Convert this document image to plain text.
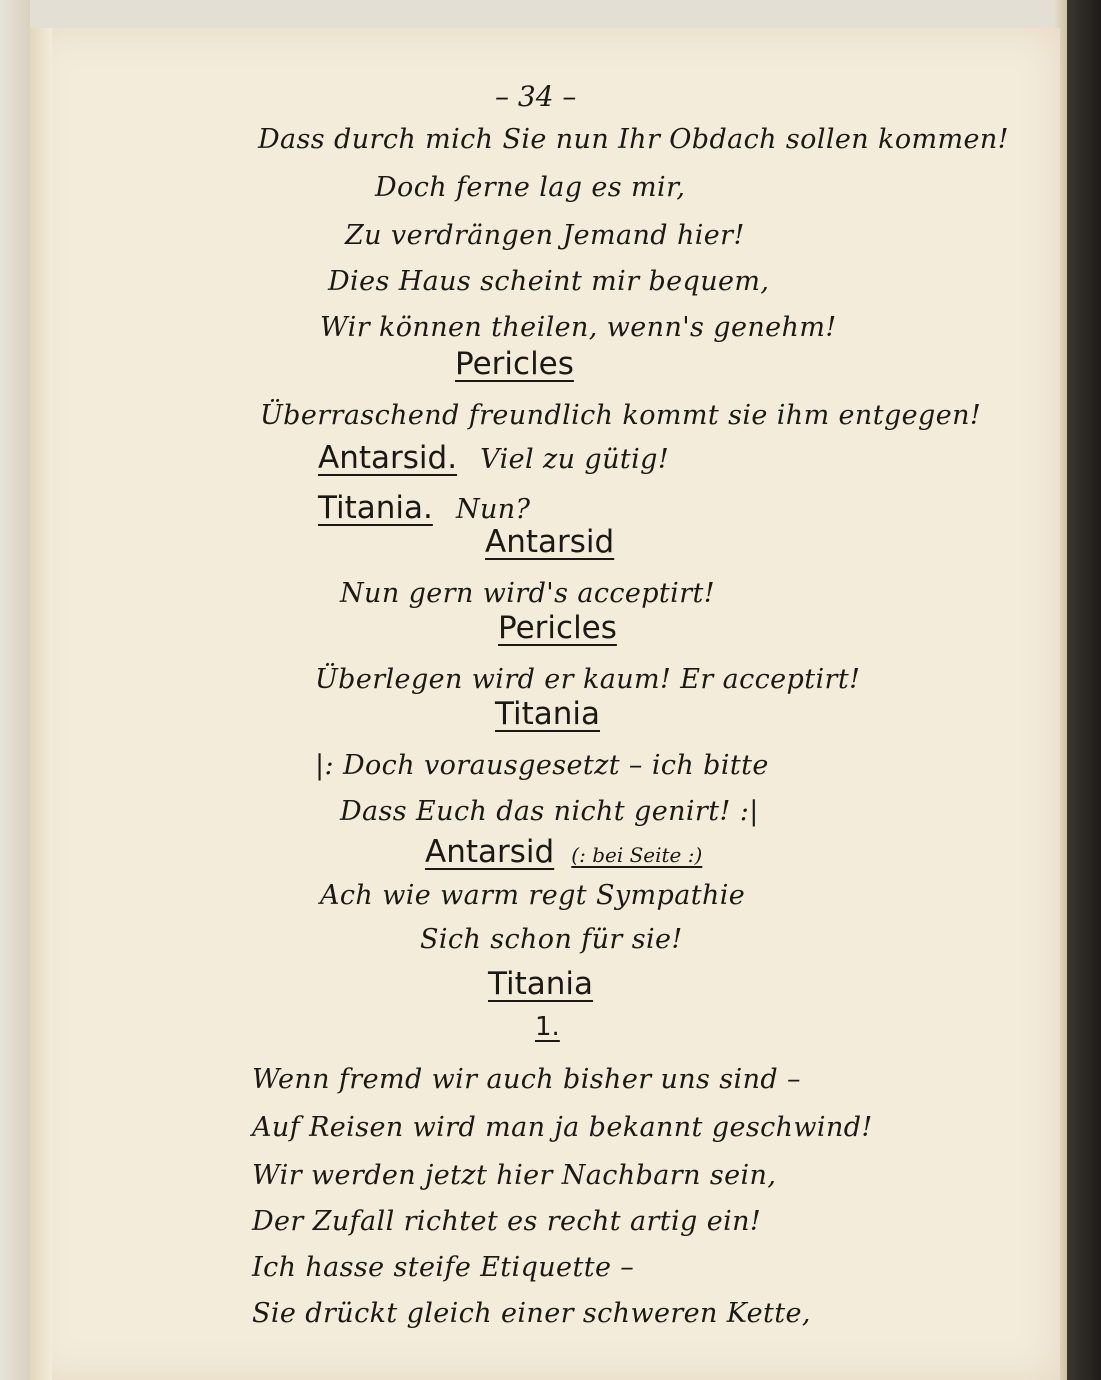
– 34 –

Dass durch mich Sie nun Ihr Obdach sollen kommen!

Doch ferne lag es mir,

Zu verdrängen Jemand hier!

Dies Haus scheint mir bequem,

Wir können theilen, wenn's genehm!

Pericles

Überraschend freundlich kommt sie ihm entgegen!

Antarsid. Viel zu gütig!
Titania. Nun?

Antarsid

Nun gern wird's acceptirt!

Pericles

Überlegen wird er kaum! Er acceptirt!

Titania

|: Doch vorausgesetzt – ich bitte

Dass Euch das nicht genirt! :|

Antarsid (: bei Seite :)

Ach wie warm regt Sympathie

Sich schon für sie!

Titania

1.

Wenn fremd wir auch bisher uns sind –

Auf Reisen wird man ja bekannt geschwind!

Wir werden jetzt hier Nachbarn sein,

Der Zufall richtet es recht artig ein!

Ich hasse steife Etiquette –

Sie drückt gleich einer schweren Kette,
